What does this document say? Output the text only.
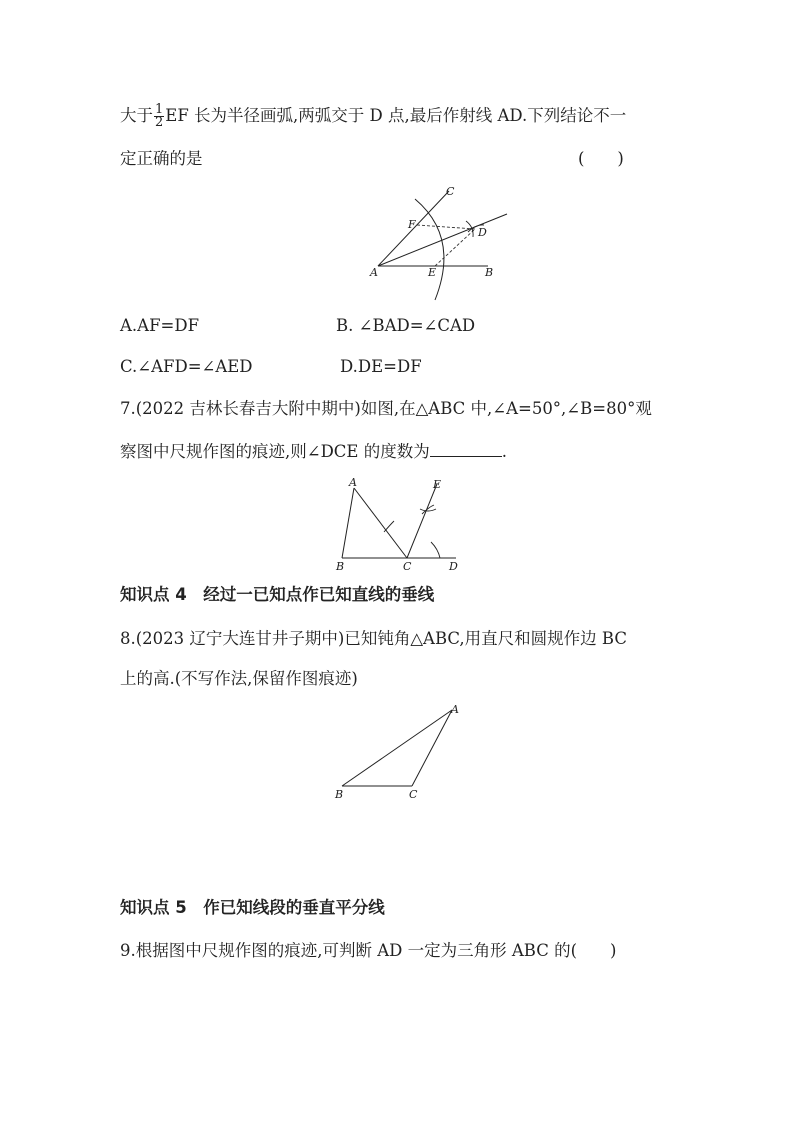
大于 $\frac{1}{2}$ EF 长为半径画弧,两弧交于 D 点,最后作射线 AD.下列结论不一
定正确的是	(　　)
A	B
C
D
E
F
A.AF=DF	B. ∠BAD=∠CAD
C.∠AFD=∠AED	D.DE=DF
7.(2022 吉林长春吉大附中期中)如图,在△ABC 中,∠A=50°,∠B=80°观
察图中尺规作图的痕迹,则∠DCE 的度数为	.
A
B	C	D
E
知识点 4　经过一已知点作已知直线的垂线
8.(2023 辽宁大连甘井子期中)已知钝角△ABC,用直尺和圆规作边 BC
上的高.(不写作法,保留作图痕迹)
A
B	C
知识点 5　作已知线段的垂直平分线
9.根据图中尺规作图的痕迹,可判断 AD 一定为三角形 ABC 的(　　)
